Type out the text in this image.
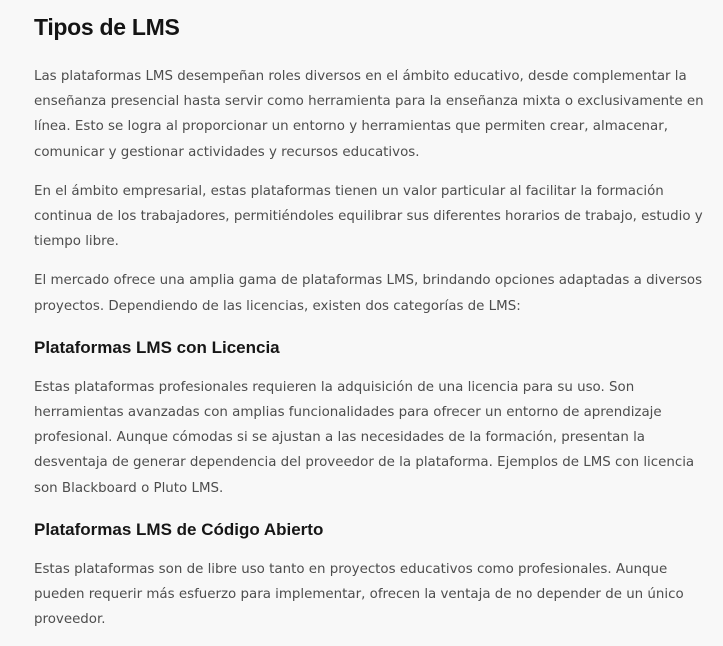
Tipos de LMS

Las plataformas LMS desempeñan roles diversos en el ámbito educativo, desde complementar la enseñanza presencial hasta servir como herramienta para la enseñanza mixta o exclusivamente en línea. Esto se logra al proporcionar un entorno y herramientas que permiten crear, almacenar, comunicar y gestionar actividades y recursos educativos.

En el ámbito empresarial, estas plataformas tienen un valor particular al facilitar la formación continua de los trabajadores, permitiéndoles equilibrar sus diferentes horarios de trabajo, estudio y tiempo libre.

El mercado ofrece una amplia gama de plataformas LMS, brindando opciones adaptadas a diversos proyectos. Dependiendo de las licencias, existen dos categorías de LMS:

Plataformas LMS con Licencia

Estas plataformas profesionales requieren la adquisición de una licencia para su uso. Son herramientas avanzadas con amplias funcionalidades para ofrecer un entorno de aprendizaje profesional. Aunque cómodas si se ajustan a las necesidades de la formación, presentan la desventaja de generar dependencia del proveedor de la plataforma. Ejemplos de LMS con licencia son Blackboard o Pluto LMS.

Plataformas LMS de Código Abierto

Estas plataformas son de libre uso tanto en proyectos educativos como profesionales. Aunque pueden requerir más esfuerzo para implementar, ofrecen la ventaja de no depender de un único proveedor.
